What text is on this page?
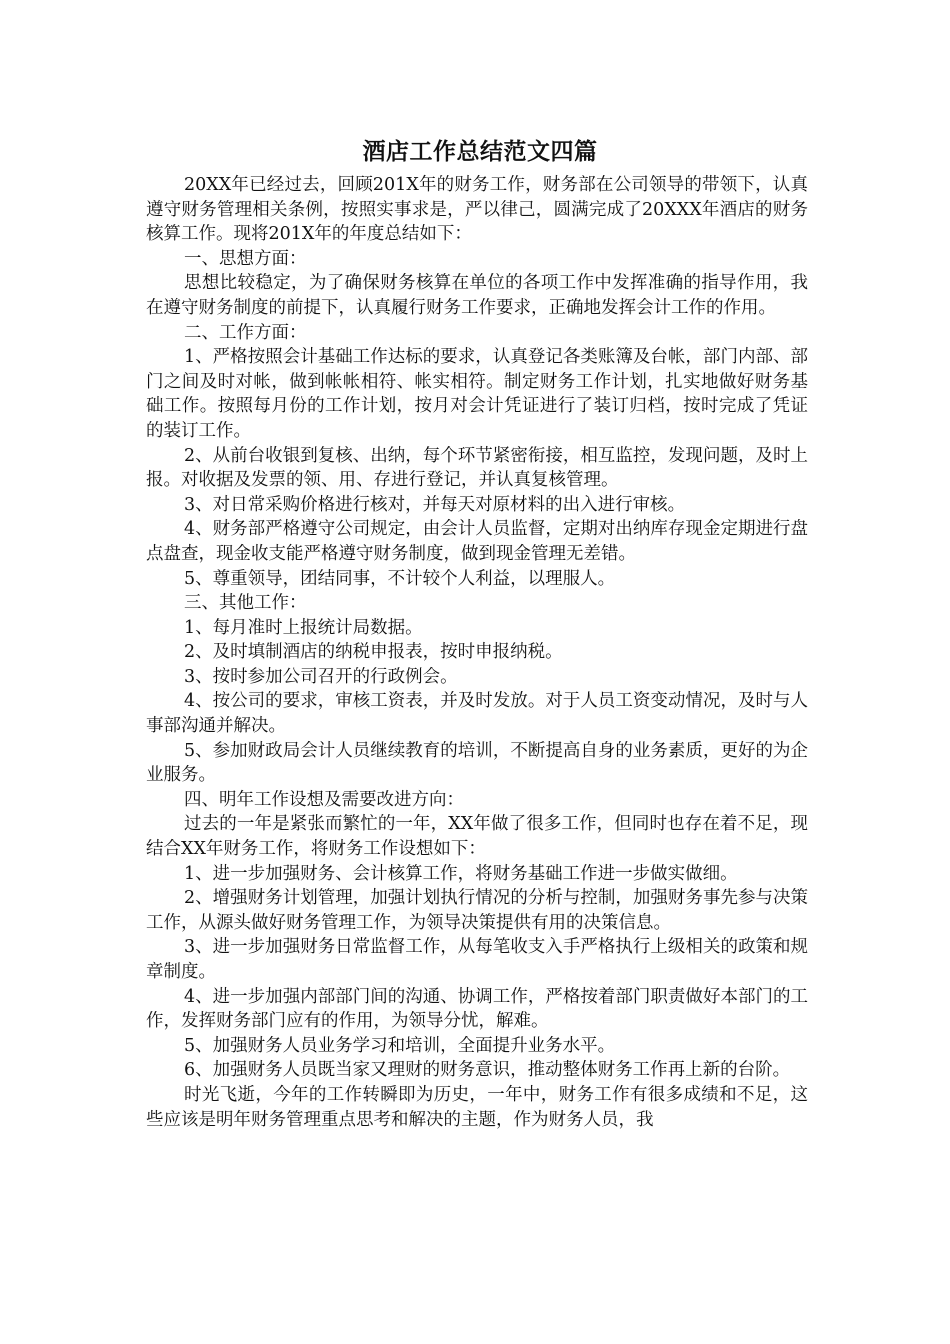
酒店工作总结范文四篇

20XX年已经过去，回顾201X年的财务工作，财务部在公司领导的带领下，认真遵守财务管理相关条例，按照实事求是，严以律己，圆满完成了20XXX年酒店的财务核算工作。现将201X年的年度总结如下：

一、思想方面：

思想比较稳定，为了确保财务核算在单位的各项工作中发挥准确的指导作用，我在遵守财务制度的前提下，认真履行财务工作要求，正确地发挥会计工作的作用。

二、工作方面：

1、严格按照会计基础工作达标的要求，认真登记各类账簿及台帐，部门内部、部门之间及时对帐，做到帐帐相符、帐实相符。制定财务工作计划，扎实地做好财务基础工作。按照每月份的工作计划，按月对会计凭证进行了装订归档，按时完成了凭证的装订工作。

2、从前台收银到复核、出纳，每个环节紧密衔接，相互监控，发现问题，及时上报。对收据及发票的领、用、存进行登记，并认真复核管理。

3、对日常采购价格进行核对，并每天对原材料的出入进行审核。

4、财务部严格遵守公司规定，由会计人员监督，定期对出纳库存现金定期进行盘点盘查，现金收支能严格遵守财务制度，做到现金管理无差错。

5、尊重领导，团结同事，不计较个人利益，以理服人。

三、其他工作：

1、每月准时上报统计局数据。

2、及时填制酒店的纳税申报表，按时申报纳税。

3、按时参加公司召开的行政例会。

4、按公司的要求，审核工资表，并及时发放。对于人员工资变动情况，及时与人事部沟通并解决。

5、参加财政局会计人员继续教育的培训，不断提高自身的业务素质，更好的为企业服务。

四、明年工作设想及需要改进方向：

过去的一年是紧张而繁忙的一年，XX年做了很多工作，但同时也存在着不足，现结合XX年财务工作，将财务工作设想如下：

1、进一步加强财务、会计核算工作，将财务基础工作进一步做实做细。

2、增强财务计划管理，加强计划执行情况的分析与控制，加强财务事先参与决策工作，从源头做好财务管理工作，为领导决策提供有用的决策信息。

3、进一步加强财务日常监督工作，从每笔收支入手严格执行上级相关的政策和规章制度。

4、进一步加强内部部门间的沟通、协调工作，严格按着部门职责做好本部门的工作，发挥财务部门应有的作用，为领导分忧，解难。

5、加强财务人员业务学习和培训，全面提升业务水平。

6、加强财务人员既当家又理财的财务意识，推动整体财务工作再上新的台阶。

时光飞逝，今年的工作转瞬即为历史，一年中，财务工作有很多成绩和不足，这些应该是明年财务管理重点思考和解决的主题，作为财务人员，我
